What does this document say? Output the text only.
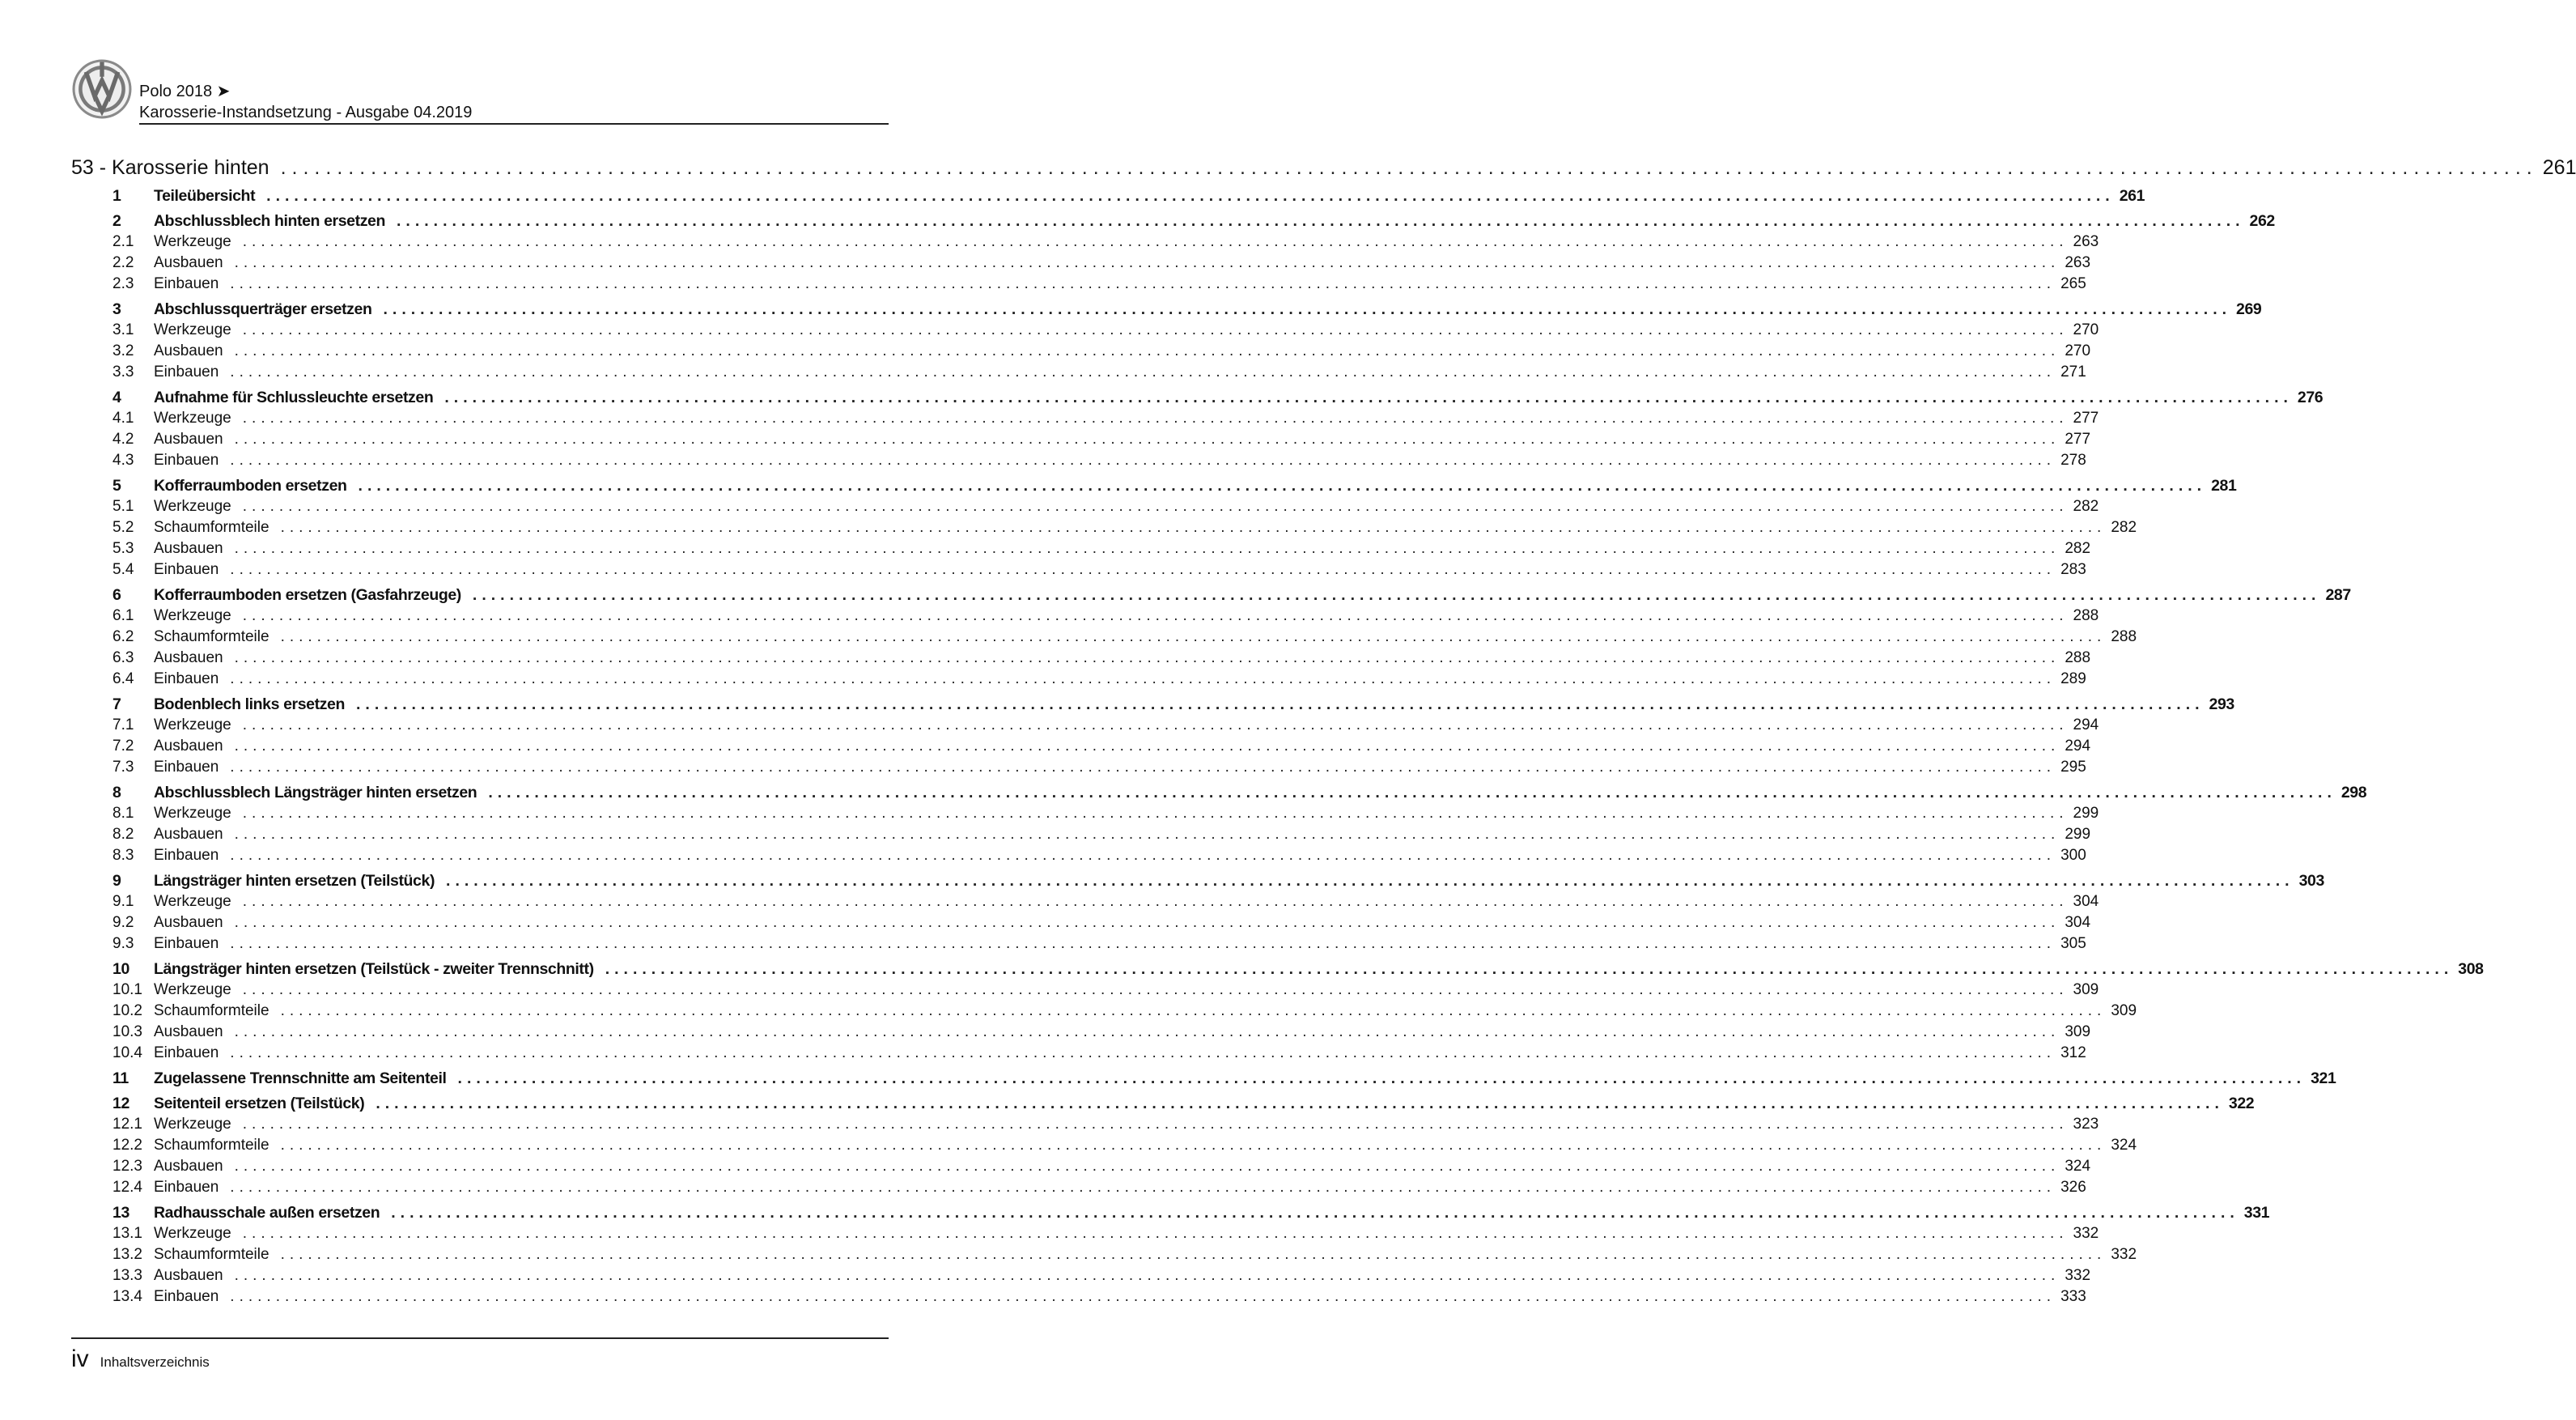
Polo 2018 ➤
Karosserie-Instandsetzung - Ausgabe 04.2019
53 - Karosserie hinten ........................................................................................................................................................................................................ 261
1	Teileübersicht ........................................................................................................................................................................................................ 261
2	Abschlussblech hinten ersetzen ........................................................................................................................................................................................................ 262
2.1	Werkzeuge ........................................................................................................................................................................................................ 263
2.2	Ausbauen ........................................................................................................................................................................................................ 263
2.3	Einbauen ........................................................................................................................................................................................................ 265
3	Abschlussquerträger ersetzen ........................................................................................................................................................................................................ 269
3.1	Werkzeuge ........................................................................................................................................................................................................ 270
3.2	Ausbauen ........................................................................................................................................................................................................ 270
3.3	Einbauen ........................................................................................................................................................................................................ 271
4	Aufnahme für Schlussleuchte ersetzen ........................................................................................................................................................................................................ 276
4.1	Werkzeuge ........................................................................................................................................................................................................ 277
4.2	Ausbauen ........................................................................................................................................................................................................ 277
4.3	Einbauen ........................................................................................................................................................................................................ 278
5	Kofferraumboden ersetzen ........................................................................................................................................................................................................ 281
5.1	Werkzeuge ........................................................................................................................................................................................................ 282
5.2	Schaumformteile ........................................................................................................................................................................................................ 282
5.3	Ausbauen ........................................................................................................................................................................................................ 282
5.4	Einbauen ........................................................................................................................................................................................................ 283
6	Kofferraumboden ersetzen (Gasfahrzeuge) ........................................................................................................................................................................................................ 287
6.1	Werkzeuge ........................................................................................................................................................................................................ 288
6.2	Schaumformteile ........................................................................................................................................................................................................ 288
6.3	Ausbauen ........................................................................................................................................................................................................ 288
6.4	Einbauen ........................................................................................................................................................................................................ 289
7	Bodenblech links ersetzen ........................................................................................................................................................................................................ 293
7.1	Werkzeuge ........................................................................................................................................................................................................ 294
7.2	Ausbauen ........................................................................................................................................................................................................ 294
7.3	Einbauen ........................................................................................................................................................................................................ 295
8	Abschlussblech Längsträger hinten ersetzen ........................................................................................................................................................................................................ 298
8.1	Werkzeuge ........................................................................................................................................................................................................ 299
8.2	Ausbauen ........................................................................................................................................................................................................ 299
8.3	Einbauen ........................................................................................................................................................................................................ 300
9	Längsträger hinten ersetzen (Teilstück) ........................................................................................................................................................................................................ 303
9.1	Werkzeuge ........................................................................................................................................................................................................ 304
9.2	Ausbauen ........................................................................................................................................................................................................ 304
9.3	Einbauen ........................................................................................................................................................................................................ 305
10	Längsträger hinten ersetzen (Teilstück - zweiter Trennschnitt) ........................................................................................................................................................................................................ 308
10.1 Werkzeuge ........................................................................................................................................................................................................ 309
10.2 Schaumformteile ........................................................................................................................................................................................................ 309
10.3 Ausbauen ........................................................................................................................................................................................................ 309
10.4 Einbauen ........................................................................................................................................................................................................ 312
11	Zugelassene Trennschnitte am Seitenteil ........................................................................................................................................................................................................ 321
12	Seitenteil ersetzen (Teilstück) ........................................................................................................................................................................................................ 322
12.1 Werkzeuge ........................................................................................................................................................................................................ 323
12.2 Schaumformteile ........................................................................................................................................................................................................ 324
12.3 Ausbauen ........................................................................................................................................................................................................ 324
12.4 Einbauen ........................................................................................................................................................................................................ 326
13	Radhausschale außen ersetzen ........................................................................................................................................................................................................ 331
13.1 Werkzeuge ........................................................................................................................................................................................................ 332
13.2 Schaumformteile ........................................................................................................................................................................................................ 332
13.3 Ausbauen ........................................................................................................................................................................................................ 332
13.4 Einbauen ........................................................................................................................................................................................................ 333
iv Inhaltsverzeichnis
